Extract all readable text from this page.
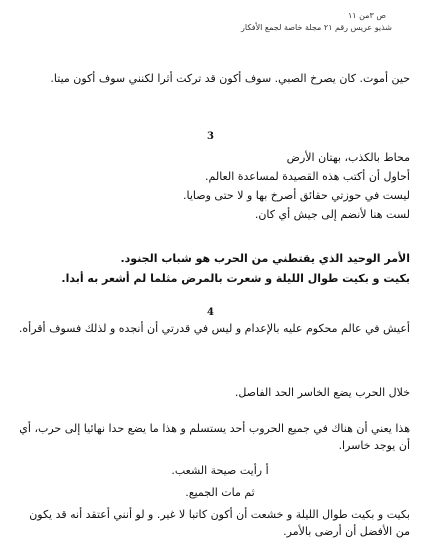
ص ٣من ١١
شذيو عريس رقم ٢١ مجلة خاصة لجمع الأفكار
حين أموت. كان يصرخ الصبي. سوف أكون قد تركت أثرا لكنني سوف أكون ميتا.
3
محاط بالكذب، بهتان الأرض
أحاول أن أكتب هذه القصيدة لمساعدة العالم.
ليست في حوزتي حقائق أصرخ بها و لا حتى وصايا.
لست هنا لأنضم إلى جيش أي كان.
الأمر الوحيد الذي يقتطني من الحرب هو شباب الجنود.
بكيت و بكيت طوال الليلة و شعرت بالمرض مثلما لم أشعر به أبدا.
4
أعيش في عالم محكوم عليه بالإعدام و ليس في قدرتي أن أنجده و لذلك فسوف أقرأه.
خلال الحرب يضع الخاسر الحد الفاصل.
هذا يعني أن هناك في جميع الحروب أحد يستسلم و هذا ما يضع حدا نهائيا إلى حرب، أي أن يوجد خاسرا.
أ رأيت صيحة الشعب.
ثم مات الجميع.
بكيت و بكيت طوال الليلة و خشعت أن أكون كاتبا لا غير. و لو أنني أعتقد أنه قد يكون من الأفضل أن أرضى بالأمر.
